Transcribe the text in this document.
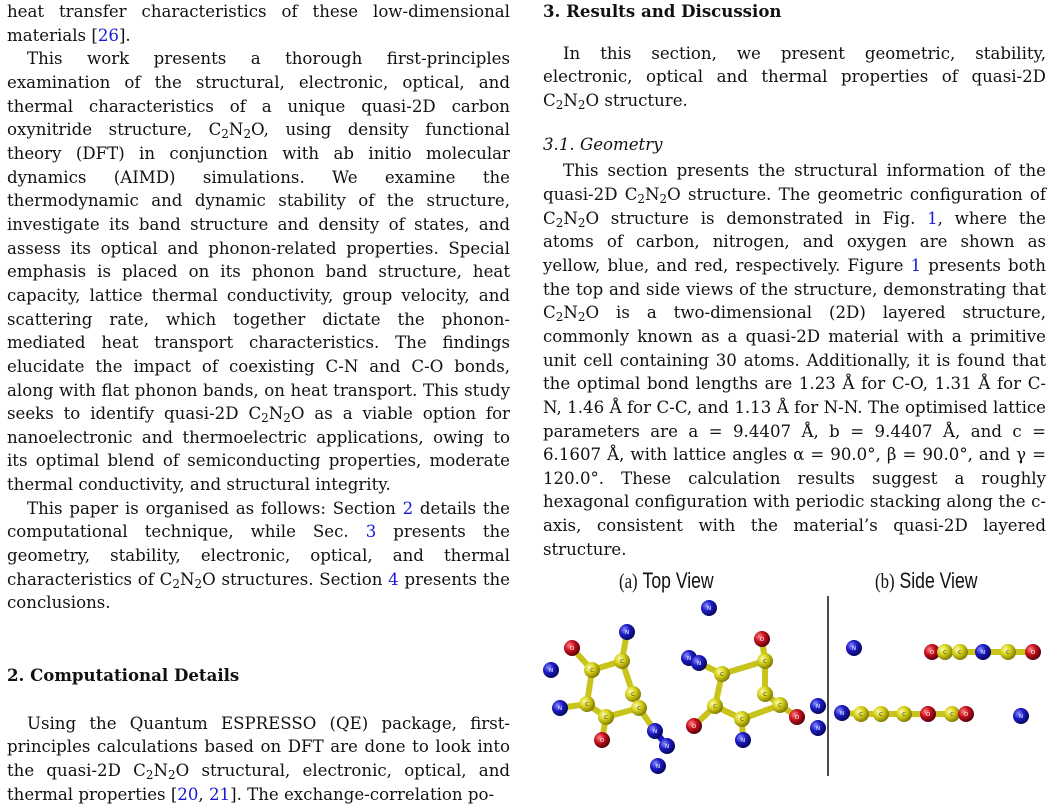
heat transfer characteristics of these low-dimensional materials [26].

This work presents a thorough first-principles examination of the structural, electronic, optical, and thermal characteristics of a unique quasi-2D carbon oxynitride structure, $C_2N_2O$, using density functional theory (DFT) in conjunction with ab initio molecular dynamics (AIMD) simulations. We examine the thermodynamic and dynamic stability of the structure, investigate its band structure and density of states, and assess its optical and phonon-related properties. Special emphasis is placed on its phonon band structure, heat capacity, lattice thermal conductivity, group velocity, and scattering rate, which together dictate the phonon-mediated heat transport characteristics. The findings elucidate the impact of coexisting C-N and C-O bonds, along with flat phonon bands, on heat transport. This study seeks to identify quasi-2D $C_2N_2O$ as a viable option for nanoelectronic and thermoelectric applications, owing to its optimal blend of semiconducting properties, moderate thermal conductivity, and structural integrity.

This paper is organised as follows: Section 2 details the computational technique, while Sec. 3 presents the geometry, stability, electronic, optical, and thermal characteristics of $C_2N_2O$ structures. Section 4 presents the conclusions.

2. Computational Details

Using the Quantum ESPRESSO (QE) package, first-principles calculations based on DFT are done to look into the quasi-2D $C_2N_2O$ structural, electronic, optical, and thermal properties [20, 21]. The exchange-correlation po-

3. Results and Discussion

In this section, we present geometric, stability, electronic, optical and thermal properties of quasi-2D $C_2N_2O$ structure.

3.1. Geometry

This section presents the structural information of the quasi-2D $C_2N_2O$ structure. The geometric configuration of $C_2N_2O$ structure is demonstrated in Fig. 1, where the atoms of carbon, nitrogen, and oxygen are shown as yellow, blue, and red, respectively. Figure 1 presents both the top and side views of the structure, demonstrating that $C_2N_2O$ is a two-dimensional (2D) layered structure, commonly known as a quasi-2D material with a primitive unit cell containing 30 atoms. Additionally, it is found that the optimal bond lengths are 1.23 Å for C-O, 1.31 Å for C-N, 1.46 Å for C-C, and 1.13 Å for N-N. The optimised lattice parameters are a = 9.4407 Å, b = 9.4407 Å, and c = 6.1607 Å, with lattice angles α = 90.0°, β = 90.0°, and γ = 120.0°. These calculation results suggest a roughly hexagonal configuration with periodic stacking along the c-axis, consistent with the material’s quasi-2D layered structure.

(a) Top View	(b) Side View
O
N
C
C
C
C
C
C
O
N
N
N
N
N
N
N
C
C
C
C
C
C
O
O
O
N
N
N
N
N
O C C	N	C	O
N	C	C	C	O	C O	N
